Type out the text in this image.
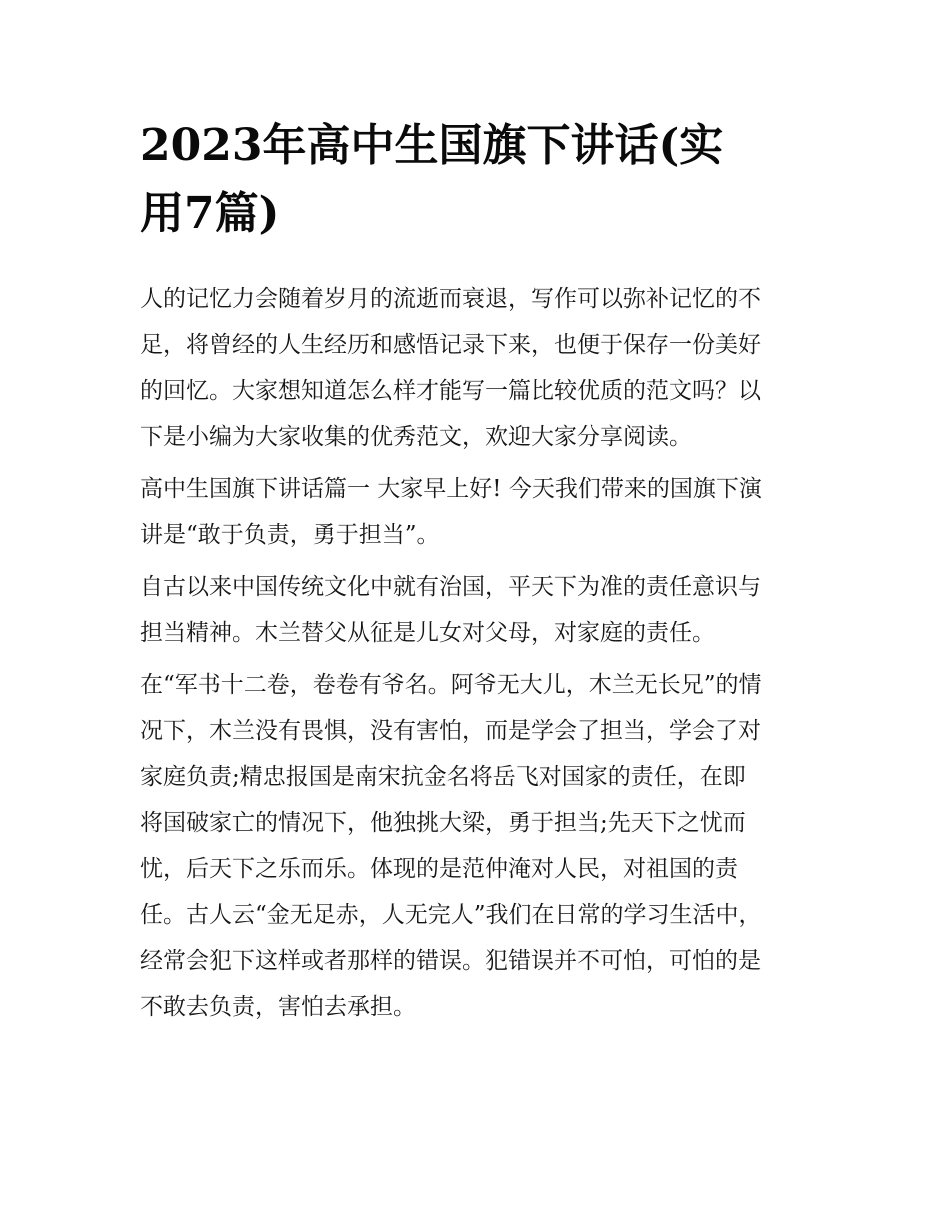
2023年高中生国旗下讲话(实
用7篇)

人的记忆力会随着岁月的流逝而衰退，写作可以弥补记忆的不
足，将曾经的人生经历和感悟记录下来，也便于保存一份美好
的回忆。大家想知道怎么样才能写一篇比较优质的范文吗？以
下是小编为大家收集的优秀范文，欢迎大家分享阅读。

高中生国旗下讲话篇一 大家早上好! 今天我们带来的国旗下演
讲是“敢于负责，勇于担当”。

自古以来中国传统文化中就有治国，平天下为准的责任意识与
担当精神。木兰替父从征是儿女对父母，对家庭的责任。

在“军书十二卷，卷卷有爷名。阿爷无大儿，木兰无长兄”的情
况下，木兰没有畏惧，没有害怕，而是学会了担当，学会了对
家庭负责;精忠报国是南宋抗金名将岳飞对国家的责任，在即
将国破家亡的情况下，他独挑大梁，勇于担当;先天下之忧而
忧，后天下之乐而乐。体现的是范仲淹对人民，对祖国的责
任。古人云“金无足赤，人无完人”我们在日常的学习生活中，
经常会犯下这样或者那样的错误。犯错误并不可怕，可怕的是
不敢去负责，害怕去承担。
